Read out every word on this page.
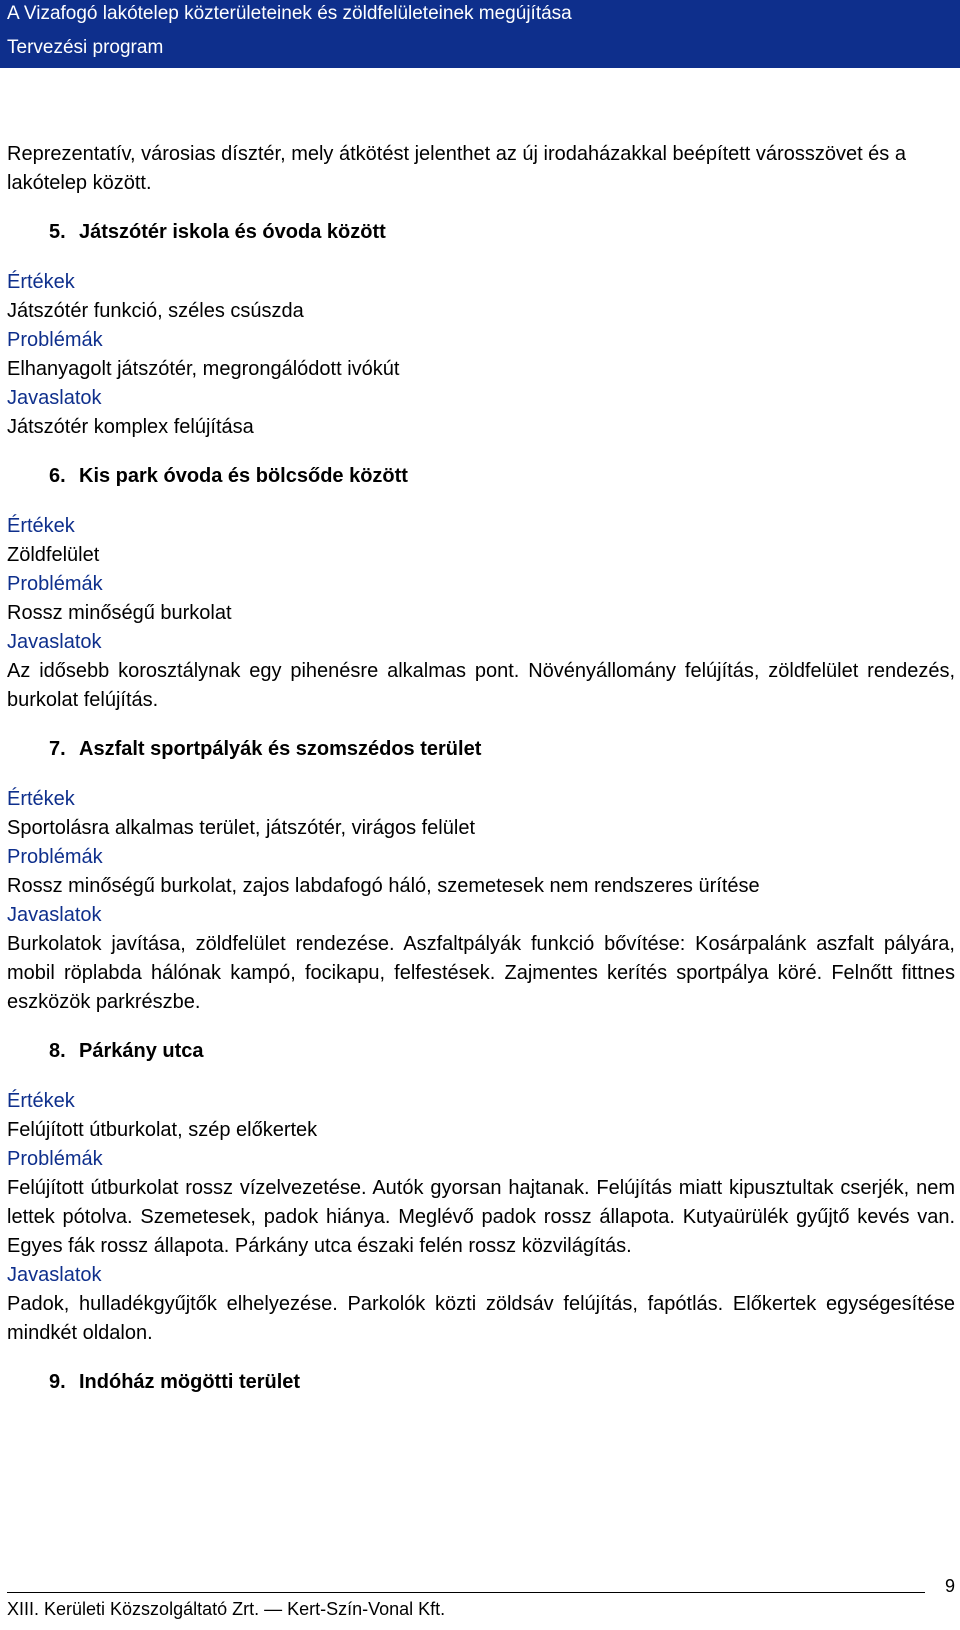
A Vizafogó lakótelep közterületeinek és zöldfelületeinek megújítása
Tervezési program

Reprezentatív, városias dísztér, mely átkötést jelenthet az új irodaházakkal beépített városszövet és a lakótelep között.

5. Játszótér iskola és óvoda között
Értékek
Játszótér funkció, széles csúszda
Problémák
Elhanyagolt játszótér, megrongálódott ivókút
Javaslatok
Játszótér komplex felújítása
6. Kis park óvoda és bölcsőde között
Értékek
Zöldfelület
Problémák
Rossz minőségű burkolat
Javaslatok
Az idősebb korosztálynak egy pihenésre alkalmas pont. Növényállomány felújítás, zöldfelület rendezés, burkolat felújítás.
7. Aszfalt sportpályák és szomszédos terület
Értékek
Sportolásra alkalmas terület, játszótér, virágos felület
Problémák
Rossz minőségű burkolat, zajos labdafogó háló, szemetesek nem rendszeres ürítése
Javaslatok
Burkolatok javítása, zöldfelület rendezése. Aszfaltpályák funkció bővítése: Kosárpalánk aszfalt pályára, mobil röplabda hálónak kampó, focikapu, felfestések. Zajmentes kerítés sportpálya köré. Felnőtt fittnes eszközök parkrészbe.
8. Párkány utca
Értékek
Felújított útburkolat, szép előkertek
Problémák
Felújított útburkolat rossz vízelvezetése. Autók gyorsan hajtanak. Felújítás miatt kipusztultak cserjék, nem lettek pótolva. Szemetesek, padok hiánya. Meglévő padok rossz állapota. Kutyaürülék gyűjtő kevés van. Egyes fák rossz állapota. Párkány utca északi felén rossz közvilágítás.
Javaslatok
Padok, hulladékgyűjtők elhelyezése. Parkolók közti zöldsáv felújítás, fapótlás. Előkertek egységesítése mindkét oldalon.
9. Indóház mögötti terület
XIII. Kerületi Közszolgáltató Zrt. — Kert-Szín-Vonal Kft.
9
